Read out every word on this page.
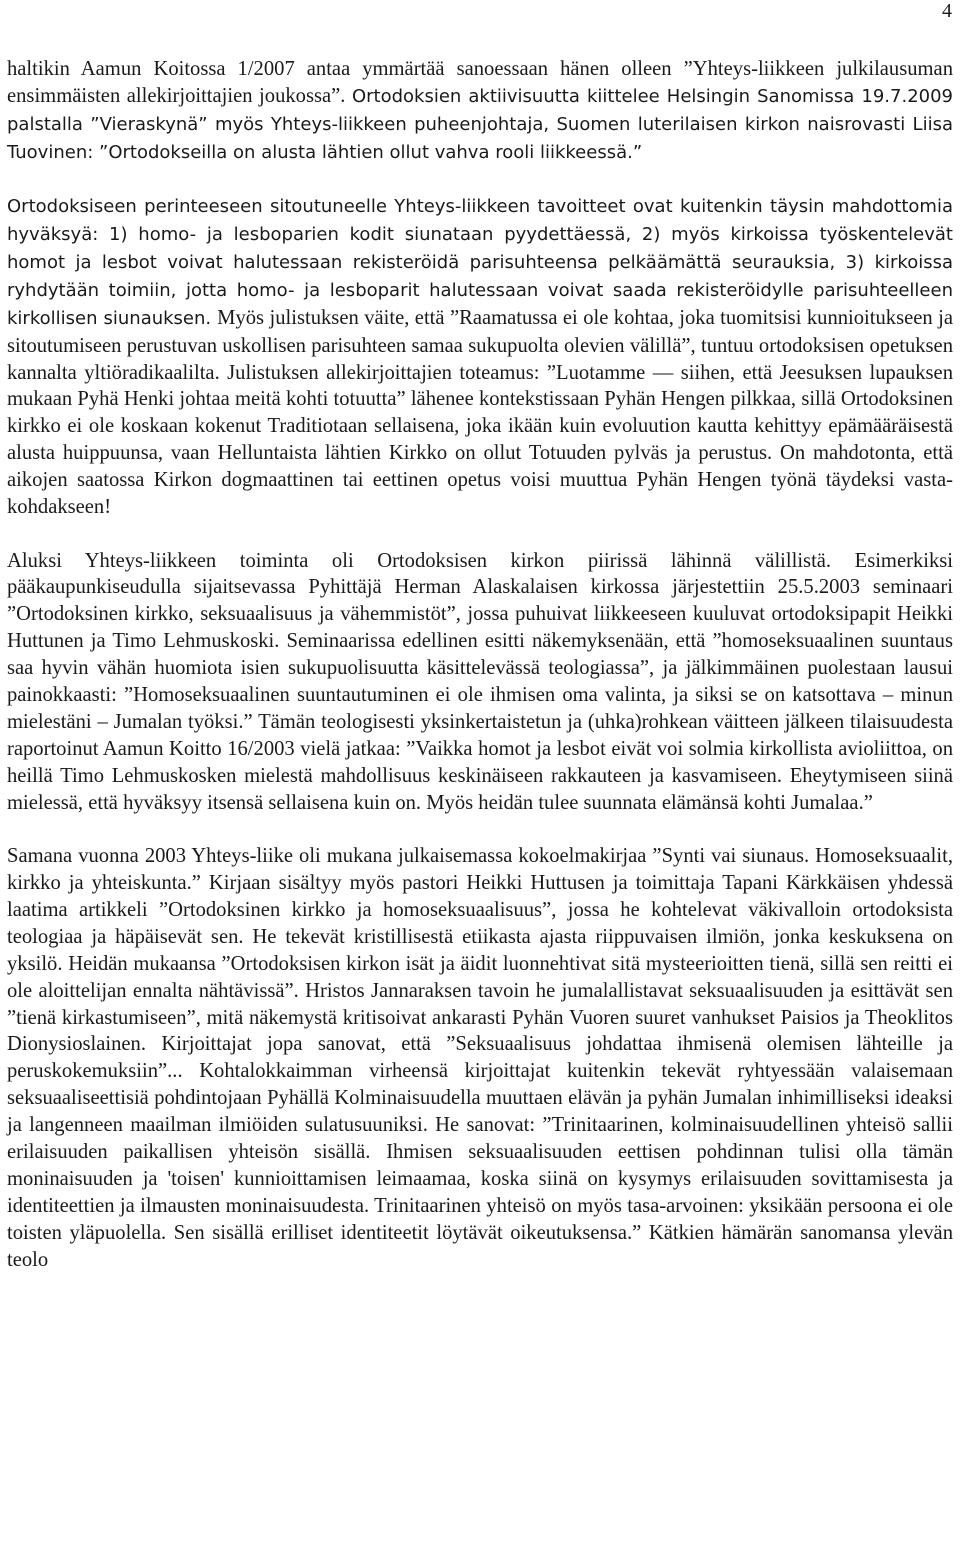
4

haltikin Aamun Koitossa 1/2007 antaa ymmärtää sanoessaan hänen olleen ”Yhteys-liikkeen julkilausuman ensimmäisten allekirjoittajien joukossa”. Ortodoksien aktiivisuutta kiittelee Helsingin Sanomissa 19.7.2009 palstalla ”Vieraskynä” myös Yhteys-liikkeen puheenjohtaja, Suomen luterilaisen kirkon naisrovasti Liisa Tuovinen: ”Ortodokseilla on alusta lähtien ollut vahva rooli liikkeessä.”

Ortodoksiseen perinteeseen sitoutuneelle Yhteys-liikkeen tavoitteet ovat kuitenkin täysin mahdottomia hyväksyä: 1) homo- ja lesboparien kodit siunataan pyydettäessä, 2) myös kirkoissa työskentelevät homot ja lesbot voivat halutessaan rekisteröidä parisuhteensa pelkäämättä seurauksia, 3) kirkoissa ryhdytään toimiin, jotta homo- ja lesboparit halutessaan voivat saada rekisteröidylle parisuhteelleen kirkollisen siunauksen. Myös julistuksen väite, että ”Raamatussa ei ole kohtaa, joka tuomitsisi kunnioitukseen ja sitoutumiseen perustuvan uskollisen parisuhteen samaa sukupuolta olevien välillä”, tuntuu ortodoksisen opetuksen kannalta yltiöradikaalilta. Julistuksen allekirjoittajien toteamus: ”Luotamme — siihen, että Jeesuksen lupauksen mukaan Pyhä Henki johtaa meitä kohti totuutta” lähenee kontekstissaan Pyhän Hengen pilkkaa, sillä Ortodoksinen kirkko ei ole koskaan kokenut Traditiotaan sellaisena, joka ikään kuin evoluution kautta kehittyy epämääräisestä alusta huippuunsa, vaan Helluntaista lähtien Kirkko on ollut Totuuden pylväs ja perustus. On mahdotonta, että aikojen saatossa Kirkon dogmaattinen tai eettinen opetus voisi muuttua Pyhän Hengen työnä täydeksi vastakohdakseen!

Aluksi Yhteys-liikkeen toiminta oli Ortodoksisen kirkon piirissä lähinnä välillistä. Esimerkiksi pääkaupunkiseudulla sijaitsevassa Pyhittäjä Herman Alaskalaisen kirkossa järjestettiin 25.5.2003 seminaari ”Ortodoksinen kirkko, seksuaalisuus ja vähemmistöt”, jossa puhuivat liikkeeseen kuuluvat ortodoksipapit Heikki Huttunen ja Timo Lehmuskoski. Seminaarissa edellinen esitti näkemyksenään, että ”homoseksuaalinen suuntaus saa hyvin vähän huomiota isien sukupuolisuutta käsittelevässä teologiassa”, ja jälkimmäinen puolestaan lausui painokkaasti: ”Homoseksuaalinen suuntautuminen ei ole ihmisen oma valinta, ja siksi se on katsottava – minun mielestäni – Jumalan työksi.” Tämän teologisesti yksinkertaistetun ja (uhka)rohkean väitteen jälkeen tilaisuudesta raportoinut Aamun Koitto 16/2003 vielä jatkaa: ”Vaikka homot ja lesbot eivät voi solmia kirkollista avioliittoa, on heillä Timo Lehmuskosken mielestä mahdollisuus keskinäiseen rakkauteen ja kasvamiseen. Eheytymiseen siinä mielessä, että hyväksyy itsensä sellaisena kuin on. Myös heidän tulee suunnata elämänsä kohti Jumalaa.”

Samana vuonna 2003 Yhteys-liike oli mukana julkaisemassa kokoelmakirjaa ”Synti vai siunaus. Homoseksuaalit, kirkko ja yhteiskunta.” Kirjaan sisältyy myös pastori Heikki Huttusen ja toimittaja Tapani Kärkkäisen yhdessä laatima artikkeli ”Ortodoksinen kirkko ja homoseksuaalisuus”, jossa he kohtelevat väkivalloin ortodoksista teologiaa ja häpäisevät sen. He tekevät kristillisestä etiikasta ajasta riippuvaisen ilmiön, jonka keskuksena on yksilö. Heidän mukaansa ”Ortodoksisen kirkon isät ja äidit luonnehtivat sitä mysteerioitten tienä, sillä sen reitti ei ole aloittelijan ennalta nähtävissä”. Hristos Jannaraksen tavoin he jumalallistavat seksuaalisuuden ja esittävät sen ”tienä kirkastumiseen”, mitä näkemystä kritisoivat ankarasti Pyhän Vuoren suuret vanhukset Paisios ja Theoklitos Dionysioslainen. Kirjoittajat jopa sanovat, että ”Seksuaalisuus johdattaa ihmisenä olemisen lähteille ja peruskokemuksiin”... Kohtalokkaimman virheensä kirjoittajat kuitenkin tekevät ryhtyessään valaisemaan seksuaaliseettisiä pohdintojaan Pyhällä Kolminaisuudella muuttaen elävän ja pyhän Jumalan inhimilliseksi ideaksi ja langenneen maailman ilmiöiden sulatusuuniksi. He sanovat: ”Trinitaarinen, kolminaisuudellinen yhteisö sallii erilaisuuden paikallisen yhteisön sisällä. Ihmisen seksuaalisuuden eettisen pohdinnan tulisi olla tämän moninaisuuden ja 'toisen' kunnioittamisen leimaamaa, koska siinä on kysymys erilaisuuden sovittamisesta ja identiteettien ja ilmausten moninaisuudesta. Trinitaarinen yhteisö on myös tasa-arvoinen: yksikään persoona ei ole toisten yläpuolella. Sen sisällä erilliset identiteetit löytävät oikeutuksensa.” Kätkien hämärän sanomansa ylevän teolo
